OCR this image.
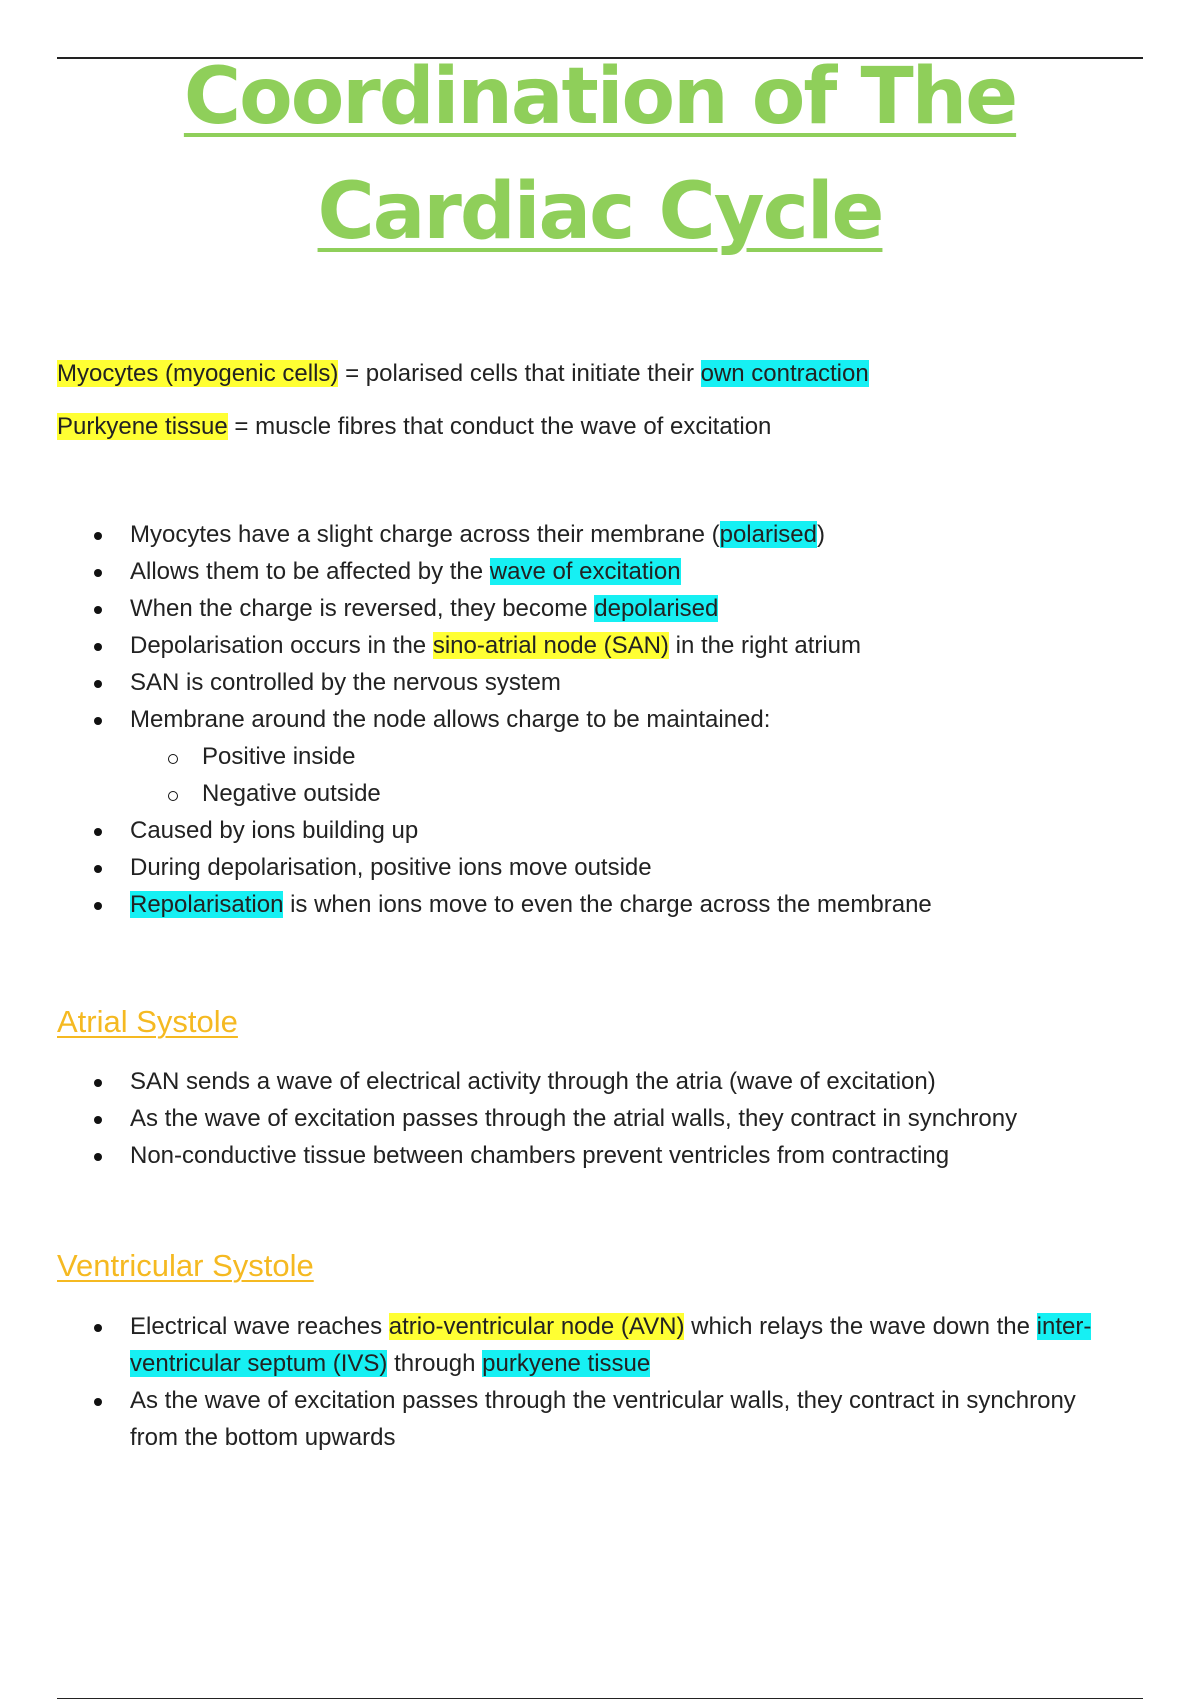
Coordination of The
Cardiac Cycle
Myocytes (myogenic cells) = polarised cells that initiate their own contraction
Purkyene tissue = muscle fibres that conduct the wave of excitation
Myocytes have a slight charge across their membrane (polarised)
Allows them to be affected by the wave of excitation
When the charge is reversed, they become depolarised
Depolarisation occurs in the sino-atrial node (SAN) in the right atrium
SAN is controlled by the nervous system
Membrane around the node allows charge to be maintained:
Positive inside
Negative outside
Caused by ions building up
During depolarisation, positive ions move outside
Repolarisation is when ions move to even the charge across the membrane
Atrial Systole
SAN sends a wave of electrical activity through the atria (wave of excitation)
As the wave of excitation passes through the atrial walls, they contract in synchrony
Non-conductive tissue between chambers prevent ventricles from contracting
Ventricular Systole
Electrical wave reaches atrio-ventricular node (AVN) which relays the wave down the inter-ventricular septum (IVS) through purkyene tissue
As the wave of excitation passes through the ventricular walls, they contract in synchrony from the bottom upwards
